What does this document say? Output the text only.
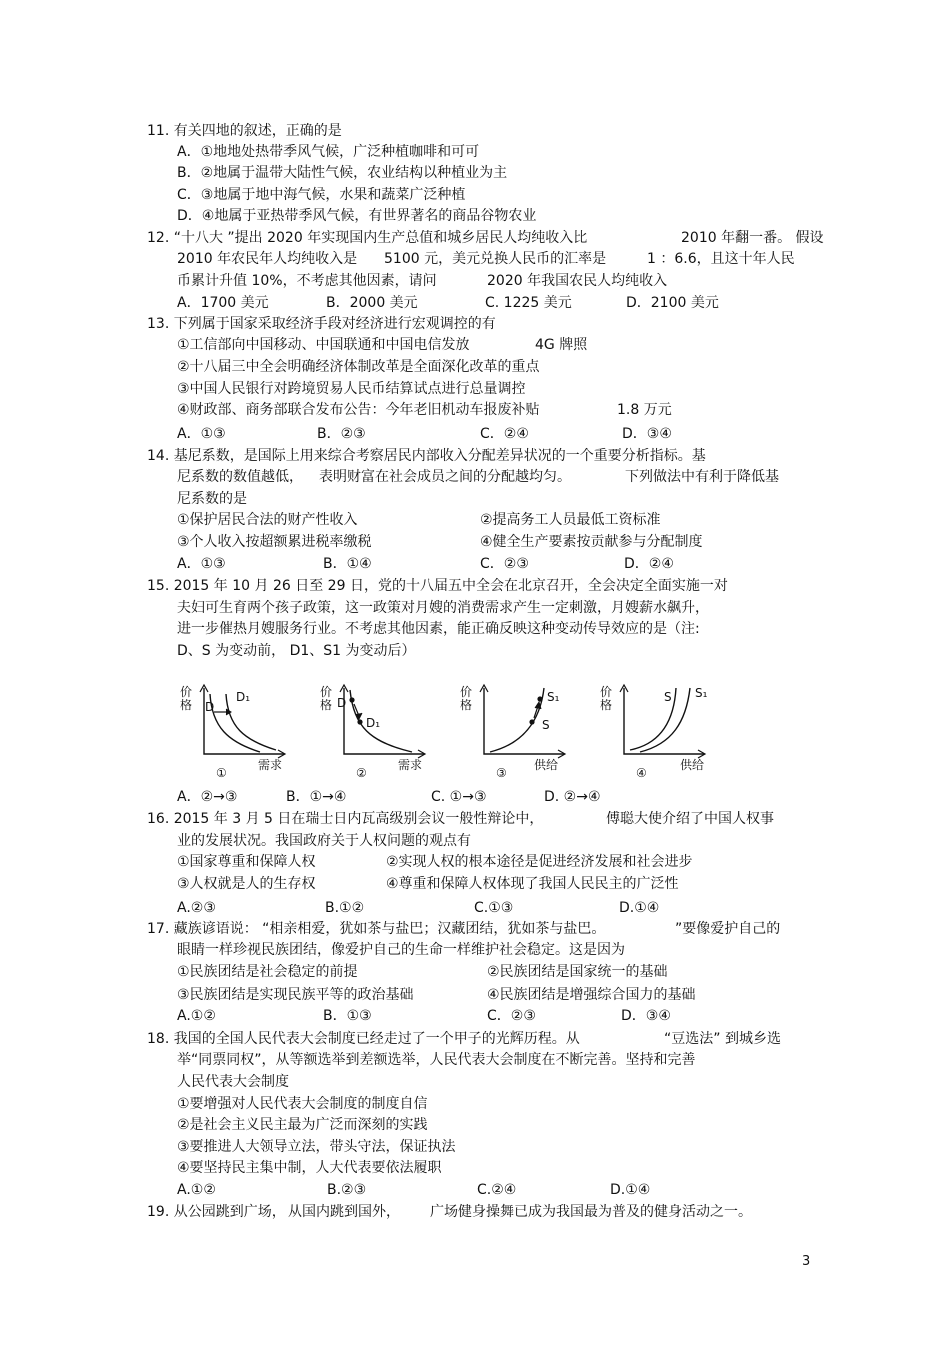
11. 有关四地的叙述，正确的是
A．①地地处热带季风气候，广泛种植咖啡和可可
B．②地属于温带大陆性气候，农业结构以种植业为主
C．③地属于地中海气候，水果和蔬菜广泛种植
D．④地属于亚热带季风气候，有世界著名的商品谷物农业
12. “十八大 ”提出 2020 年实现国内生产总值和城乡居民人均纯收入比	2010 年翻一番。 假设
2010 年农民年人均纯收入是 5100 元，美元兑换人民币的汇率是	1 ：6.6，且这十年人民
币累计升值 10%，不考虑其他因素，请问	2020 年我国农民人均纯收入
A．1700 美元	B．2000 美元	C. 1225 美元	D．2100 美元
13. 下列属于国家采取经济手段对经济进行宏观调控的有
①工信部向中国移动、中国联通和中国电信发放	4G 牌照
②十八届三中全会明确经济体制改革是全面深化改革的重点
③中国人民银行对跨境贸易人民币结算试点进行总量调控
④财政部、商务部联合发布公告：今年老旧机动车报废补贴	1.8 万元
A．①③	B．②③	C．②④	D．③④
14. 基尼系数，是国际上用来综合考察居民内部收入分配差异状况的一个重要分析指标。基
尼系数的数值越低， 表明财富在社会成员之间的分配越均匀。	下列做法中有利于降低基
尼系数的是
①保护居民合法的财产性收入	②提高务工人员最低工资标准
③个人收入按超额累进税率缴税	④健全生产要素按贡献参与分配制度
A．①③	B．①④	C．②③	D．②④
15. 2015 年 10 月 26 日至 29 日，党的十八届五中全会在北京召开，全会决定全面实施一对
夫妇可生育两个孩子政策，这一政策对月嫂的消费需求产生一定刺激，月嫂薪水飙升，
进一步催热月嫂服务行业。不考虑其他因素，能正确反映这种变动传导效应的是（注:
D、S 为变动前， D1、S1 为变动后）
价格 D
D₁
需求
①
价格 D
D₁
需求
②
价格
S₁
S
供给
③
价格
S S₁
供给
④
A．②→③	B．①→④	C. ①→③	D. ②→④
16. 2015 年 3 月 5 日在瑞士日内瓦高级别会议一般性辩论中，	傅聪大使介绍了中国人权事
业的发展状况。我国政府关于人权问题的观点有
①国家尊重和保障人权	②实现人权的根本途径是促进经济发展和社会进步
③人权就是人的生存权	④尊重和保障人权体现了我国人民民主的广泛性
A.②③	B.①②	C.①③	D.①④
17. 藏族谚语说： “相亲相爱，犹如茶与盐巴；汉藏团结，犹如茶与盐巴。	”要像爱护自己的
眼睛一样珍视民族团结，像爱护自己的生命一样维护社会稳定。这是因为
①民族团结是社会稳定的前提	②民族团结是国家统一的基础
③民族团结是实现民族平等的政治基础	④民族团结是增强综合国力的基础
A.①②	B．①③	C．②③	D．③④
18. 我国的全国人民代表大会制度已经走过了一个甲子的光辉历程。从	“豆选法” 到城乡选
举“同票同权”，从等额选举到差额选举，人民代表大会制度在不断完善。坚持和完善
人民代表大会制度
①要增强对人民代表大会制度的制度自信
②是社会主义民主最为广泛而深刻的实践
③要推进人大领导立法，带头守法，保证执法
④要坚持民主集中制，人大代表要依法履职
A.①②	B.②③	C.②④	D.①④
19. 从公园跳到广场， 从国内跳到国外， 广场健身操舞已成为我国最为普及的健身活动之一。
3
